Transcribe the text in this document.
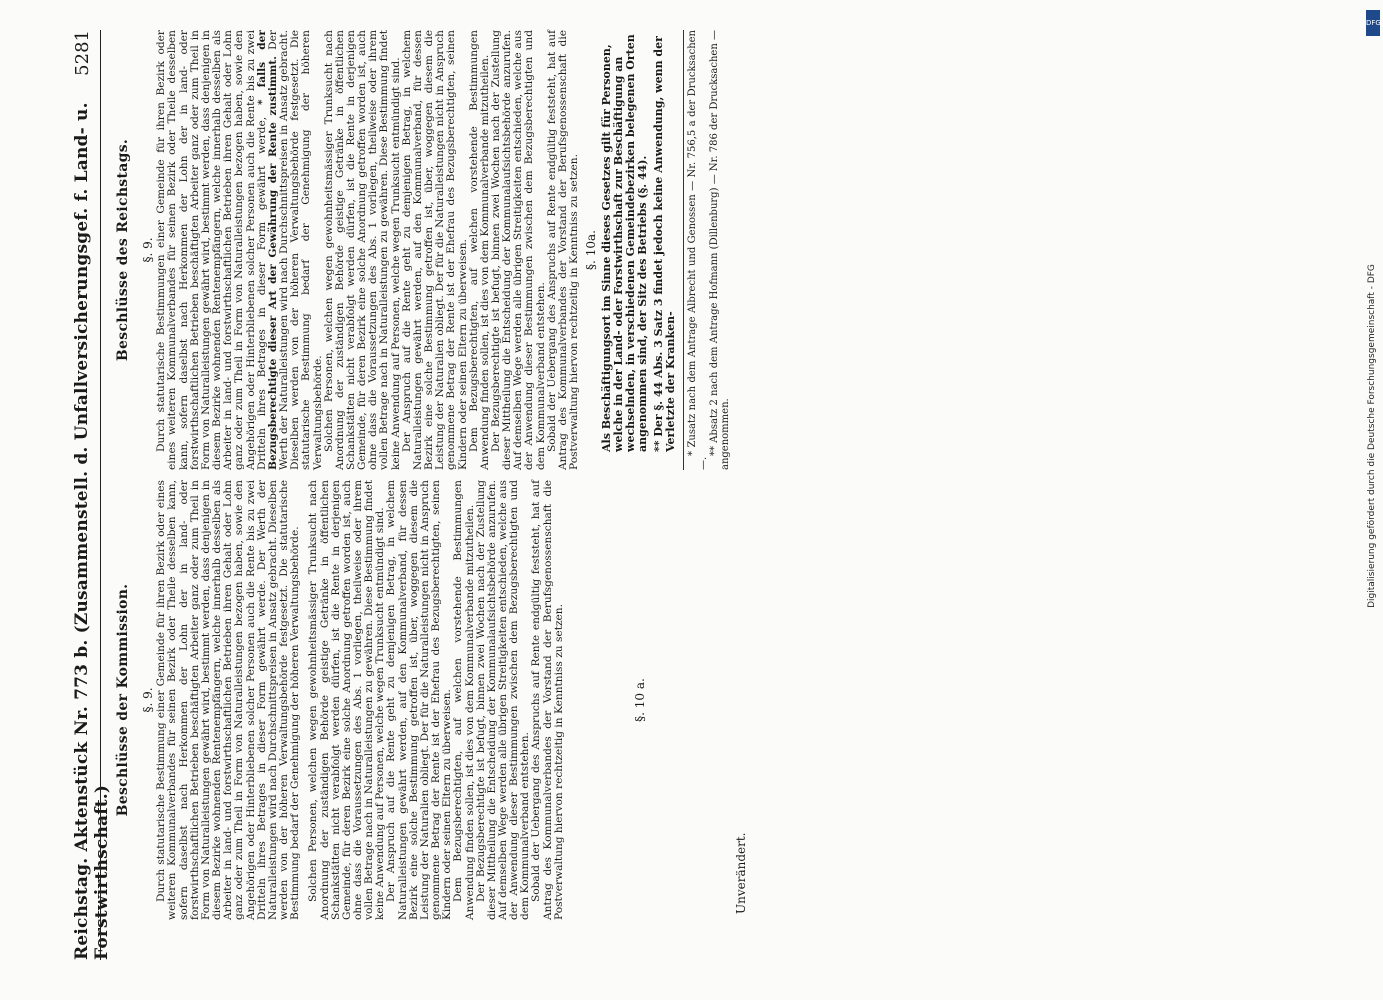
Reichstag. Aktenstück Nr. 773 b. (Zusammenstell. d. Unfallversicherungsgef. f. Land- u. Forstwirthschaft.)
5281
Beschlüsse der Kommission. §. 9. Durch statutarische Bestimmung einer Gemeinde für ihren Bezirk oder eines weiteren Kommunalverbandes für seinen Bezirk oder Theile desselben kann, sofern daselbst nach Herkommen der Lohn der in land- oder forstwirthschaftlichen Betrieben beschäftigten Arbeiter ganz oder zum Theil in Form von Naturalleistungen gewährt wird, bestimmt werden, dass denjenigen in diesem Bezirke wohnenden Rentenempfängern, welche innerhalb desselben als Arbeiter in land- und forstwirthschaftlichen Betrieben ihren Gehalt oder Lohn ganz oder zum Theil in Form von Naturalleistungen bezogen haben, sowie den Angehörigen oder Hinterbliebenen solcher Personen auch die Rente bis zu zwei Dritteln ihres Betrages in dieser Form gewährt werde. Der Werth der Naturalleistungen wird nach Durchschnittspreisen in Ansatz gebracht. Dieselben werden von der höheren Verwaltungsbehörde festgesetzt. Die statutarische Bestimmung bedarf der Genehmigung der höheren Verwaltungsbehörde. Solchen Personen, welchen wegen gewohnheitsmässiger Trunksucht nach Anordnung der zuständigen Behörde geistige Getränke in öffentlichen Schankstätten nicht verabfolgt werden dürfen, ist die Rente in derjenigen Gemeinde, für deren Bezirk eine solche Anordnung getroffen worden ist, auch ohne dass die Voraussetzungen des Abs. 1 vorliegen, theilweise oder ihrem vollen Betrage nach in Naturalleistungen zu gewähren. Diese Bestimmung findet keine Anwendung auf Personen, welche wegen Trunksucht entmündigt sind. Der Anspruch auf die Rente geht zu demjenigen Betrag, in welchem Naturalleistungen gewährt werden, auf den Kommunalverband, für dessen Bezirk eine solche Bestimmung getroffen ist, über, woggegen diesem die Leistung der Naturalien obliegt. Der für die Naturalleistungen nicht in Anspruch genommene Betrag der Rente ist der Ehefrau des Bezugsberechtigten, seinen Kindern oder seinen Eltern zu überweisen. Dem Bezugsberechtigten, auf welchen vorstehende Bestimmungen Anwendung finden sollen, ist dies von dem Kommunalverbande mitzutheilen. Der Bezugsberechtigte ist befugt, binnen zwei Wochen nach der Zustellung dieser Mittheilung die Entscheidung der Kommunalaufsichtsbehörde anzurufen. Auf demselben Wege werden alle übrigen Streitigkeiten entschieden, welche aus der Anwendung dieser Bestimmungen zwischen dem Bezugsberechtigten und dem Kommunalverband entstehen. Sobald der Uebergang des Anspruchs auf Rente endgültig feststeht, hat auf Antrag des Kommunalverbandes der Vorstand der Berufsgenossenschaft die Postverwaltung hiervon rechtzeitig in Kenntniss zu setzen.	§. 10 a.
Unverändert.
Beschlüsse des Reichstags. §. 9. Durch statutarische Bestimmungen einer Gemeinde für ihren Bezirk oder eines weiteren Kommunalverbandes für seinen Bezirk oder Theile desselben kann, sofern daselbst nach Herkommen der Lohn der in land- oder forstwirthschaftlichen Betrieben beschäftigten Arbeiter ganz oder zum Theil in Form von Naturalleistungen gewährt wird, bestimmt werden, dass denjenigen in diesem Bezirke wohnenden Rentenempfängern, welche innerhalb desselben als Arbeiter in land- und forstwirthschaftlichen Betrieben ihren Gehalt oder Lohn ganz oder zum Theil in Form von Naturalleistungen bezogen haben, sowie den Angehörigen oder Hinterbliebenen solcher Personen auch die Rente bis zu zwei Dritteln ihres Betrages in dieser Form gewährt werde, * falls der Bezugsberechtigte dieser Art der Gewährung der Rente zustimmt. Der Werth der Naturalleistungen wird nach Durchschnittspreisen in Ansatz gebracht. Dieselben werden von der höheren Verwaltungsbehörde festgesetzt. Die statutarische Bestimmung bedarf der Genehmigung der höheren Verwaltungsbehörde. Solchen Personen, welchen wegen gewohnheitsmässiger Trunksucht nach Anordnung der zuständigen Behörde geistige Getränke in öffentlichen Schankstätten nicht verabfolgt werden dürfen, ist die Rente in derjenigen Gemeinde, für deren Bezirk eine solche Anordnung getroffen worden ist, auch ohne dass die Voraussetzungen des Abs. 1 vorliegen, theilweise oder ihrem vollen Betrage nach in Naturalleistungen zu gewähren. Diese Bestimmung findet keine Anwendung auf Personen, welche wegen Trunksucht entmündigt sind. Der Anspruch auf die Rente geht zu demjenigen Betrag, in welchem Naturalleistungen gewährt werden, auf den Kommunalverband, für dessen Bezirk eine solche Bestimmung getroffen ist, über, woggegen diesem die Leistung der Naturalien obliegt. Der für die Naturalleistungen nicht in Anspruch genommene Betrag der Rente ist der Ehefrau des Bezugsberechtigten, seinen Kindern oder seinen Eltern zu überweisen. Dem Bezugsberechtigten, auf welchen vorstehende Bestimmungen Anwendung finden sollen, ist dies von dem Kommunalverbande mitzutheilen. Der Bezugsberechtigte ist befugt, binnen zwei Wochen nach der Zustellung dieser Mittheilung die Entscheidung der Kommunalaufsichtsbehörde anzurufen. Auf demselben Wege werden alle übrigen Streitigkeiten entschieden, welche aus der Anwendung dieser Bestimmungen zwischen dem Bezugsberechtigten und dem Kommunalverband entstehen. Sobald der Uebergang des Anspruchs auf Rente endgültig feststeht, hat auf Antrag des Kommunalverbandes der Vorstand der Berufsgenossenschaft die Postverwaltung hiervon rechtzeitig in Kenntniss zu setzen. §. 10a. Als Beschäftigungsort im Sinne dieses Gesetzes gilt für Personen, welche in der Land- oder Forstwirthschaft zur Beschäftigung an wechselnden, in verschiedenen Gemeindebezirken belegenen Orten angenommen sind, der Sitz des Betriebs (§. 44). ** Der §. 44 Abs. 3 Satz 3 findet jedoch keine Anwendung, wenn der Verletzte der Kranken- * Zusatz nach dem Antrage Albrecht und Genossen — Nr. 756,5 a der Drucksachen —.
** Absatz 2 nach dem Antrage Hofmann (Dillenburg) — Nr. 786 der Drucksachen — angenommen.
DFG
Digitalisierung gefördert durch die Deutsche Forschungsgemeinschaft - DFG
